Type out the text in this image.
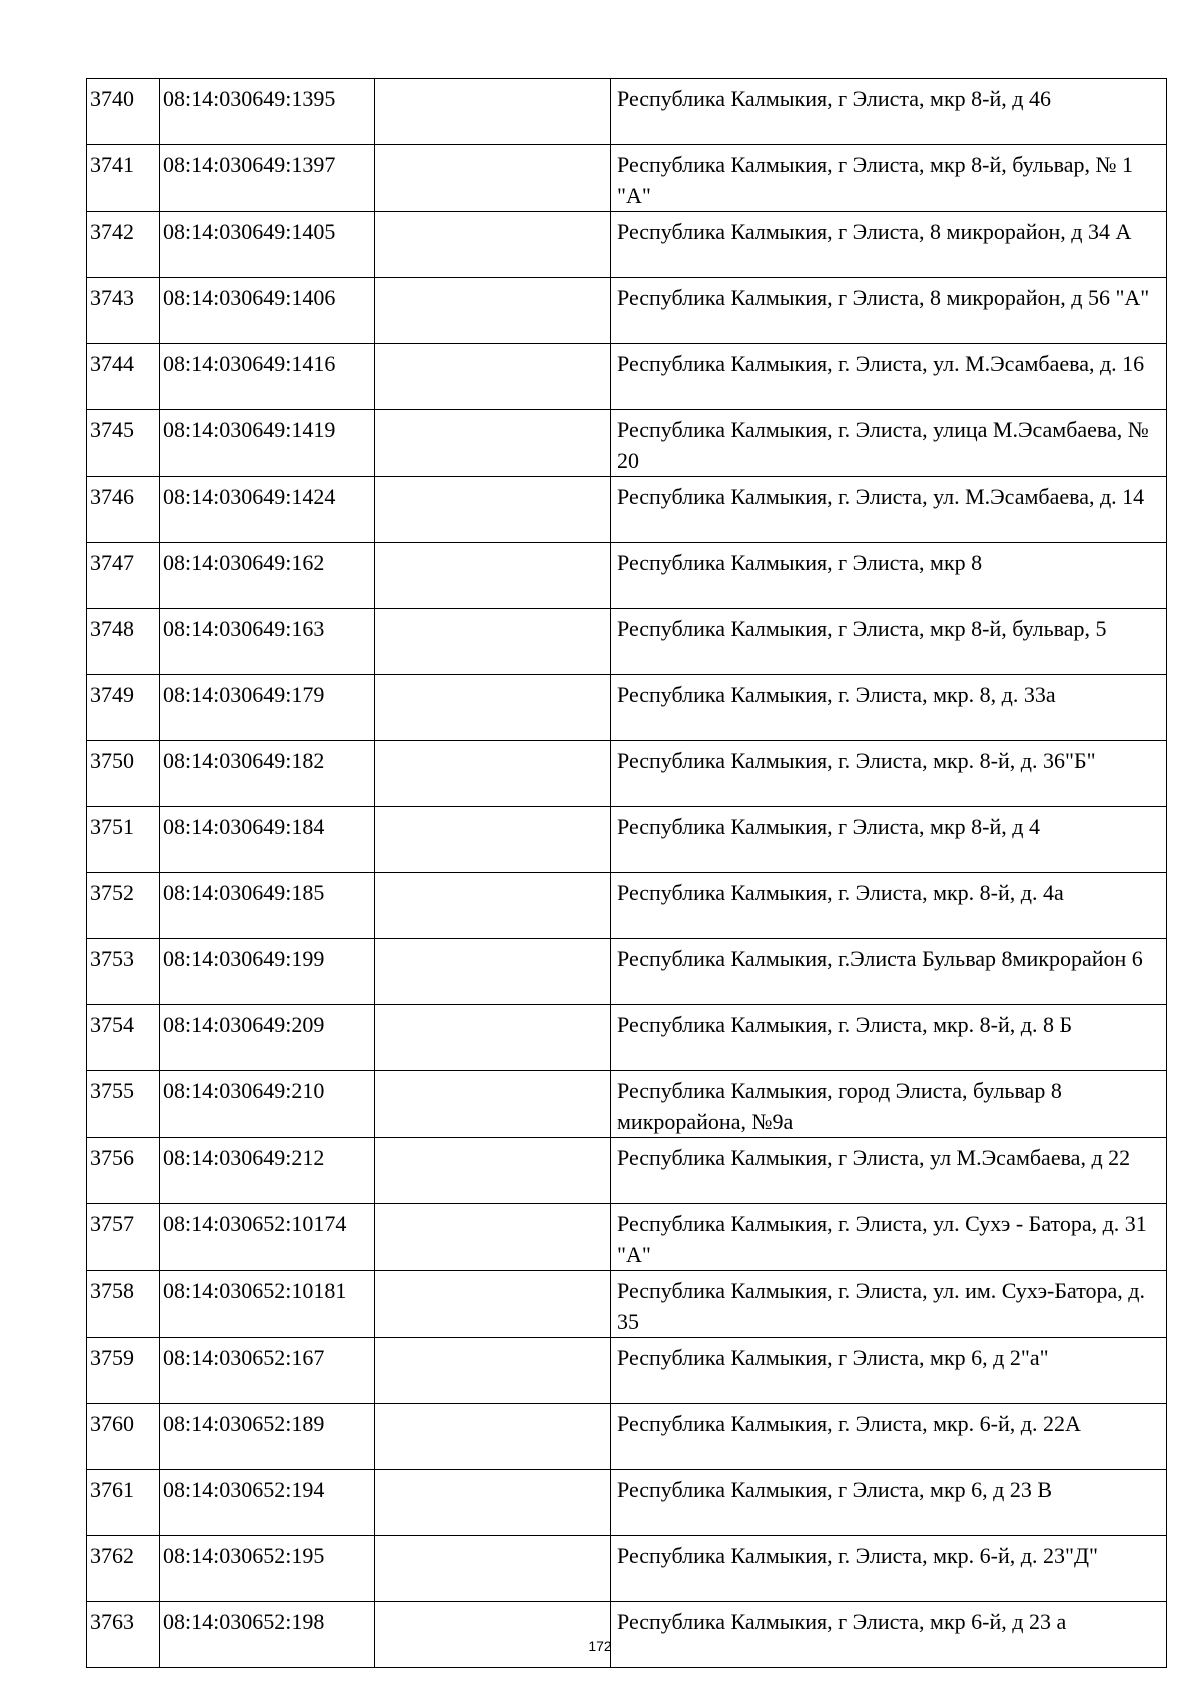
3740	08:14:030649:1395		Республика Калмыкия, г Элиста, мкр 8-й, д 46
3741	08:14:030649:1397		Республика Калмыкия, г Элиста, мкр 8-й, бульвар, № 1 "А"
3742	08:14:030649:1405		Республика Калмыкия, г Элиста, 8 микрорайон, д 34 А
3743	08:14:030649:1406		Республика Калмыкия, г Элиста, 8 микрорайон, д 56 "А"
3744	08:14:030649:1416		Республика Калмыкия, г. Элиста, ул. М.Эсамбаева, д. 16
3745	08:14:030649:1419		Республика Калмыкия, г. Элиста, улица М.Эсамбаева, № 20
3746	08:14:030649:1424		Республика Калмыкия, г. Элиста, ул. М.Эсамбаева, д. 14
3747	08:14:030649:162		Республика Калмыкия, г Элиста, мкр 8
3748	08:14:030649:163		Республика Калмыкия, г Элиста, мкр 8-й, бульвар, 5
3749	08:14:030649:179		Республика Калмыкия, г. Элиста, мкр. 8, д. 33а
3750	08:14:030649:182		Республика Калмыкия, г. Элиста, мкр. 8-й, д. 36"Б"
3751	08:14:030649:184		Республика Калмыкия, г Элиста, мкр 8-й, д 4
3752	08:14:030649:185		Республика Калмыкия, г. Элиста, мкр. 8-й, д. 4а
3753	08:14:030649:199		Республика Калмыкия, г.Элиста Бульвар 8микрорайон 6
3754	08:14:030649:209		Республика Калмыкия, г. Элиста, мкр. 8-й, д. 8 Б
3755	08:14:030649:210		Республика Калмыкия, город Элиста, бульвар 8 микрорайона, №9а
3756	08:14:030649:212		Республика Калмыкия, г Элиста, ул М.Эсамбаева, д 22
3757	08:14:030652:10174		Республика Калмыкия, г. Элиста, ул. Сухэ - Батора, д. 31 "А"
3758	08:14:030652:10181		Республика Калмыкия, г. Элиста, ул. им. Сухэ-Батора, д. 35
3759	08:14:030652:167		Республика Калмыкия, г Элиста, мкр 6, д 2"а"
3760	08:14:030652:189		Республика Калмыкия, г. Элиста, мкр. 6-й, д. 22А
3761	08:14:030652:194		Республика Калмыкия, г Элиста, мкр 6, д 23 В
3762	08:14:030652:195		Республика Калмыкия, г. Элиста, мкр. 6-й, д. 23"Д"
3763	08:14:030652:198		Республика Калмыкия, г Элиста, мкр 6-й, д 23 а
172
